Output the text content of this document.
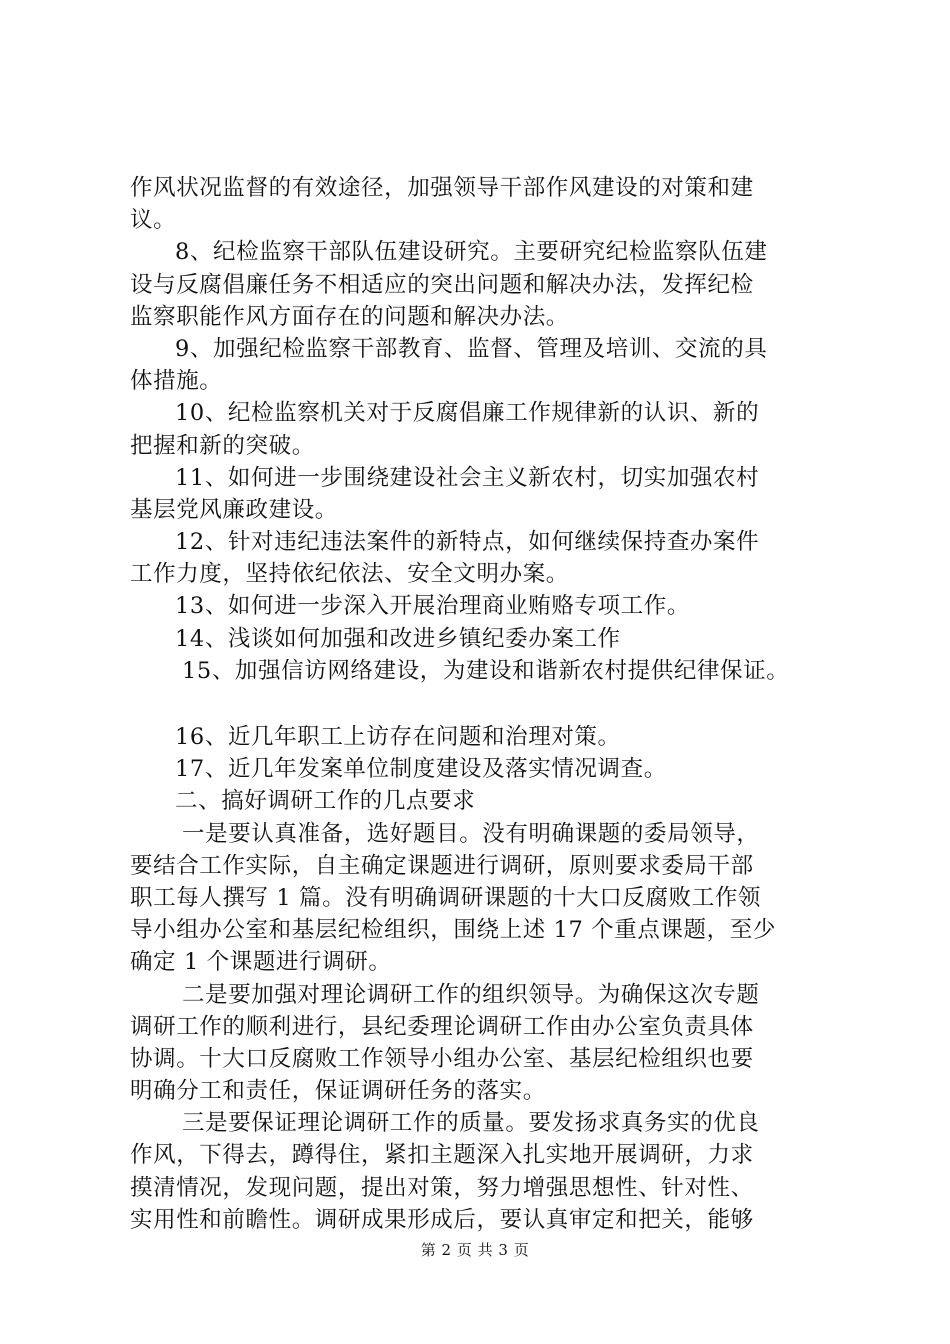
作风状况监督的有效途径，加强领导干部作风建设的对策和建
议。
8、纪检监察干部队伍建设研究。主要研究纪检监察队伍建
设与反腐倡廉任务不相适应的突出问题和解决办法，发挥纪检
监察职能作风方面存在的问题和解决办法。
9、加强纪检监察干部教育、监督、管理及培训、交流的具
体措施。
10、纪检监察机关对于反腐倡廉工作规律新的认识、新的
把握和新的突破。
11、如何进一步围绕建设社会主义新农村，切实加强农村
基层党风廉政建设。
12、针对违纪违法案件的新特点，如何继续保持查办案件
工作力度，坚持依纪依法、安全文明办案。
13、如何进一步深入开展治理商业贿赂专项工作。
14、浅谈如何加强和改进乡镇纪委办案工作
15、加强信访网络建设，为建设和谐新农村提供纪律保证。
16、近几年职工上访存在问题和治理对策。
17、近几年发案单位制度建设及落实情况调查。
二、搞好调研工作的几点要求
一是要认真准备，选好题目。没有明确课题的委局领导，
要结合工作实际，自主确定课题进行调研，原则要求委局干部
职工每人撰写 1 篇。没有明确调研课题的十大口反腐败工作领
导小组办公室和基层纪检组织，围绕上述 17 个重点课题，至少
确定 1 个课题进行调研。
二是要加强对理论调研工作的组织领导。为确保这次专题
调研工作的顺利进行，县纪委理论调研工作由办公室负责具体
协调。十大口反腐败工作领导小组办公室、基层纪检组织也要
明确分工和责任，保证调研任务的落实。
三是要保证理论调研工作的质量。要发扬求真务实的优良
作风，下得去，蹲得住，紧扣主题深入扎实地开展调研，力求
摸清情况，发现问题，提出对策，努力增强思想性、针对性、
实用性和前瞻性。调研成果形成后，要认真审定和把关，能够
第 2 页 共 3 页
